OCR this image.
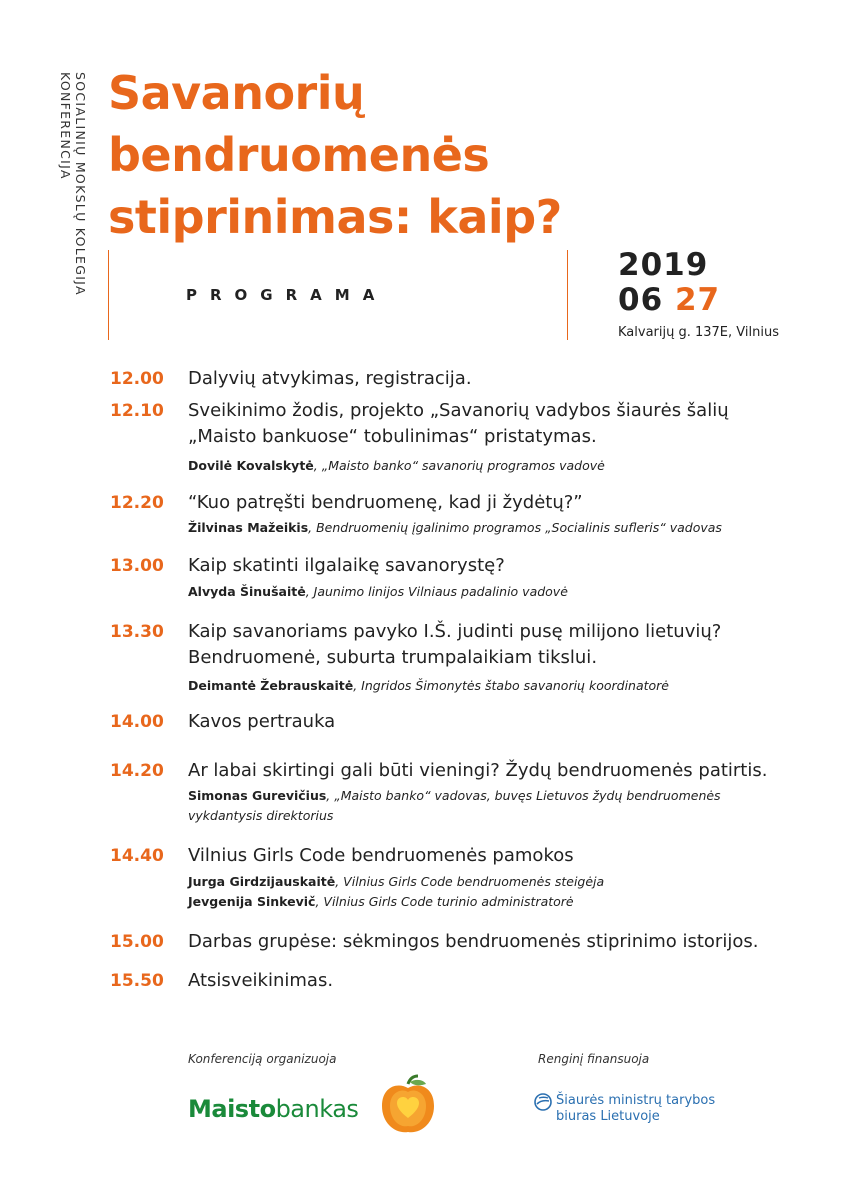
SOCIALINIŲ MOKSLŲ KOLEGIJA
KONFERENCIJA Savanorių
bendruomenės
stiprinimas: kaip?
PROGRAMA
2019
06 27
Kalvarijų g. 137E, Vilnius
12.00 Dalyvių atvykimas, registracija.
12.10 Sveikinimo žodis, projekto „Savanorių vadybos šiaurės šalių
„Maisto bankuose“ tobulinimas“ pristatymas.
Dovilė Kovalskytė, „Maisto banko“ savanorių programos vadovė
12.20 “Kuo patręšti bendruomenę, kad ji žydėtų?”
Žilvinas Mažeikis, Bendruomenių įgalinimo programos „Socialinis sufleris“ vadovas
13.00 Kaip skatinti ilgalaikę savanorystę?
Alvyda Šinušaitė, Jaunimo linijos Vilniaus padalinio vadovė
13.30 Kaip savanoriams pavyko I.Š. judinti pusę milijono lietuvių?
Bendruomenė, suburta trumpalaikiam tikslui.
Deimantė Žebrauskaitė, Ingridos Šimonytės štabo savanorių koordinatorė
14.00 Kavos pertrauka
14.20 Ar labai skirtingi gali būti vieningi? Žydų bendruomenės patirtis.
Simonas Gurevičius, „Maisto banko“ vadovas, buvęs Lietuvos žydų bendruomenės
vykdantysis direktorius
14.40 Vilnius Girls Code bendruomenės pamokos
Jurga Girdzijauskaitė, Vilnius Girls Code bendruomenės steigėja
Jevgenija Sinkevič, Vilnius Girls Code turinio administratorė
15.00 Darbas grupėse: sėkmingos bendruomenės stiprinimo istorijos.
15.50 Atsisveikinimas.
Konferenciją organizuoja	Renginį finansuoja
Maistobankas	Šiaurės ministrų tarybos
biuras Lietuvoje
